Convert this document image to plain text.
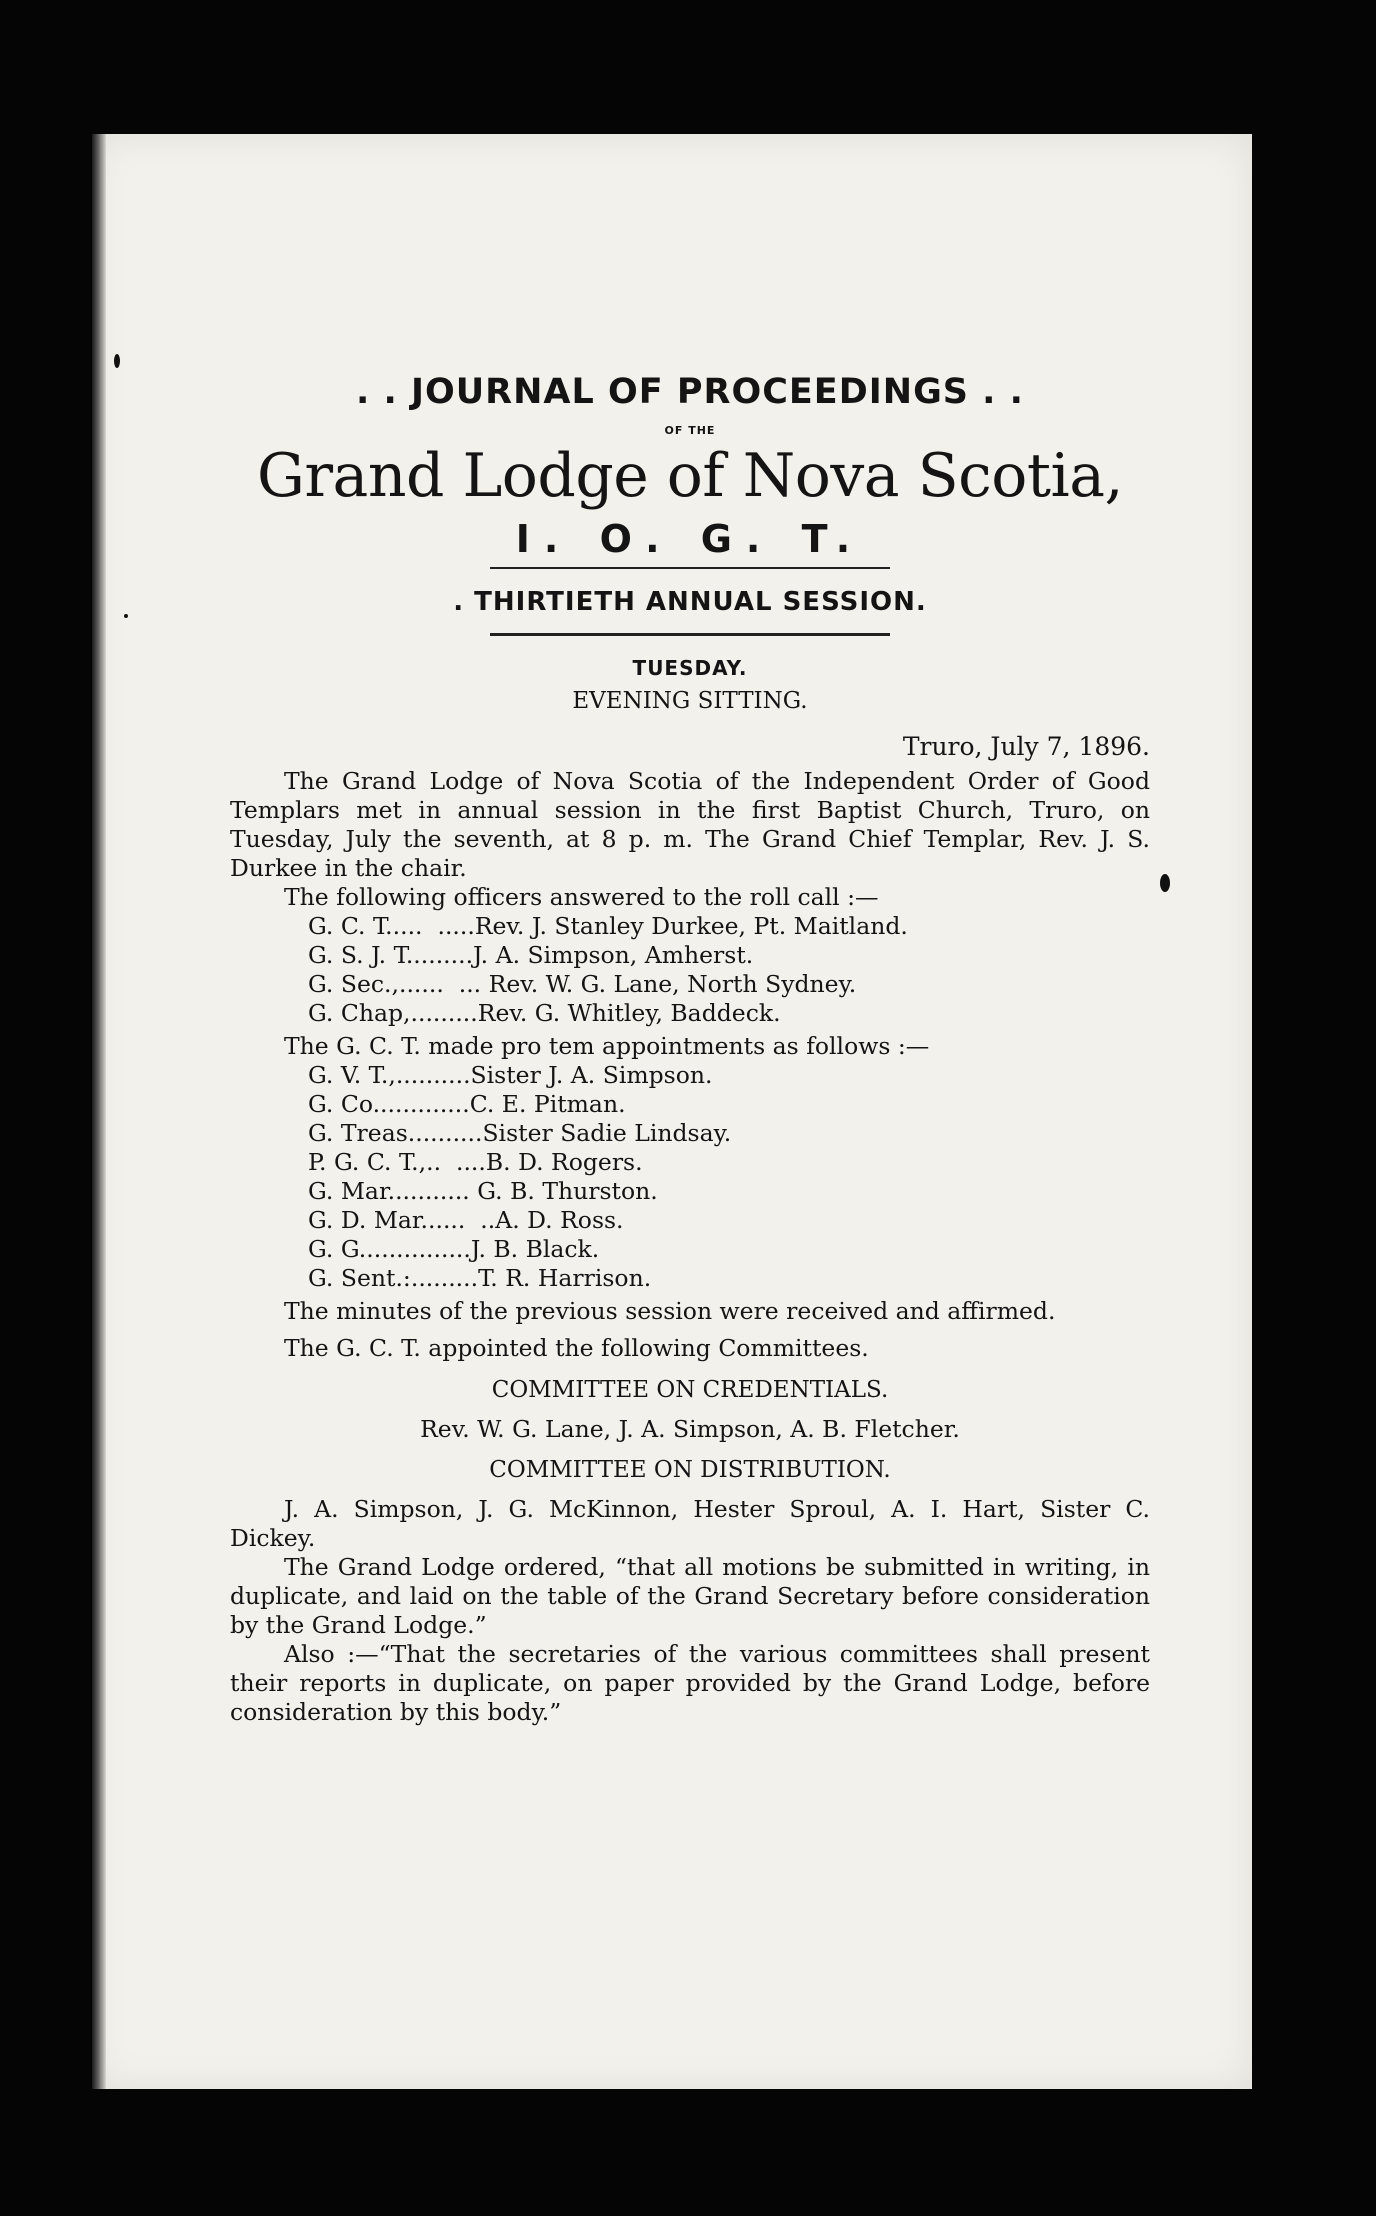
. . JOURNAL OF PROCEEDINGS . .
OF THE
Grand Lodge of Nova Scotia,
I. O. G. T.
. THIRTIETH ANNUAL SESSION.
TUESDAY.
EVENING SITTING.
Truro, July 7, 1896.

The Grand Lodge of Nova Scotia of the Independent Order of Good Templars met in annual session in the first Baptist Church, Truro, on Tuesday, July the seventh, at 8 p. m. The Grand Chief Templar, Rev. J. S. Durkee in the chair.

The following officers answered to the roll call :—

G. C. T.....  .....Rev. J. Stanley Durkee, Pt. Maitland.
G. S. J. T.........J. A. Simpson, Amherst.
G. Sec.,......  ... Rev. W. G. Lane, North Sydney.
G. Chap,.........Rev. G. Whitley, Baddeck.

The G. C. T. made pro tem appointments as follows :—

G. V. T.,..........Sister J. A. Simpson.
G. Co.............C. E. Pitman.
G. Treas..........Sister Sadie Lindsay.
P. G. C. T.,..  ....B. D. Rogers.
G. Mar........... G. B. Thurston.
G. D. Mar......  ..A. D. Ross.
G. G...............J. B. Black.
G. Sent.:.........T. R. Harrison.

The minutes of the previous session were received and affirmed.

The G. C. T. appointed the following Committees.

COMMITTEE ON CREDENTIALS.
Rev. W. G. Lane, J. A. Simpson, A. B. Fletcher.
COMMITTEE ON DISTRIBUTION.

J. A. Simpson, J. G. McKinnon, Hester Sproul, A. I. Hart, Sister C. Dickey.

The Grand Lodge ordered, “that all motions be submitted in writing, in duplicate, and laid on the table of the Grand Secretary before consideration by the Grand Lodge.”

Also :—“That the secretaries of the various committees shall present their reports in duplicate, on paper provided by the Grand Lodge, before consideration by this body.”
